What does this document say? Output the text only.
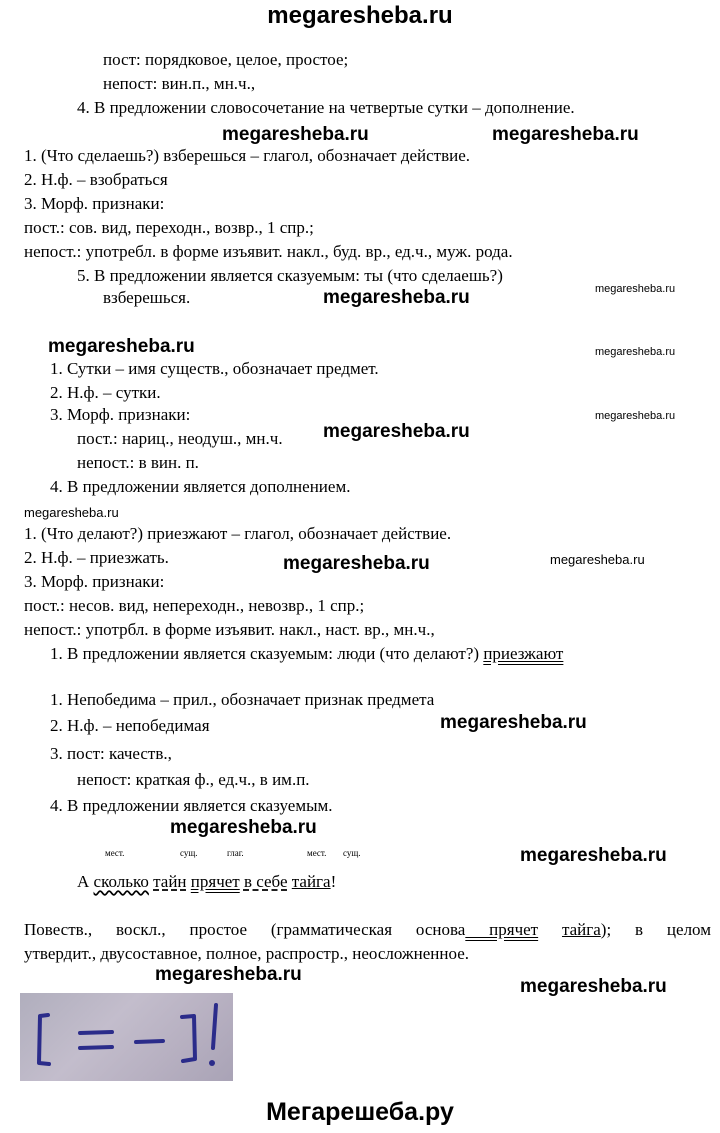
megaresheba.ru
пост: порядковое, целое, простое;
непост: вин.п., мн.ч.,
4. В предложении словосочетание на четвертые сутки – дополнение.
megaresheba.ru	megaresheba.ru
1. (Что сделаешь?) взберешься – глагол, обозначает действие.
2. Н.ф. – взобраться
3. Морф. признаки:
пост.: сов. вид, переходн., возвр., 1 спр.;
непост.: употребл. в форме изъявит. накл., буд. вр., ед.ч., муж. рода.
5. В предложении является сказуемым: ты (что сделаешь?)
взберешься.	megaresheba.ru
megaresheba.ru
megaresheba.ru	megaresheba.ru
1. Сутки – имя существ., обозначает предмет.
2. Н.ф. – сутки.
3. Морф. признаки:	megaresheba.ru
пост.: нариц., неодуш., мн.ч. megaresheba.ru
непост.: в вин. п.
4. В предложении является дополнением.
megaresheba.ru
1. (Что делают?) приезжают – глагол, обозначает действие.
2. Н.ф. – приезжать.	megaresheba.ru	megaresheba.ru
3. Морф. признаки:
пост.: несов. вид, непереходн., невозвр., 1 спр.;
непост.: употрбл. в форме изъявит. накл., наст. вр., мн.ч.,
1. В предложении является сказуемым: люди (что делают?) приезжают
1. Непобедима – прил., обозначает признак предмета
2. Н.ф. – непобедимая	megaresheba.ru
3. пост: качеств.,
непост: краткая ф., ед.ч., в им.п.
4. В предложении является сказуемым.
megaresheba.ru
мест.	сущ.	глаг.	мест. сущ.	megaresheba.ru
А сколько тайн прячет в себе тайга!
Повеств., воскл., простое (грамматическая основа прячет тайга); в целом
утвердит., двусоставное, полное, распростр., неосложненное.
megaresheba.ru
megaresheba.ru
Мегарешеба.ру
